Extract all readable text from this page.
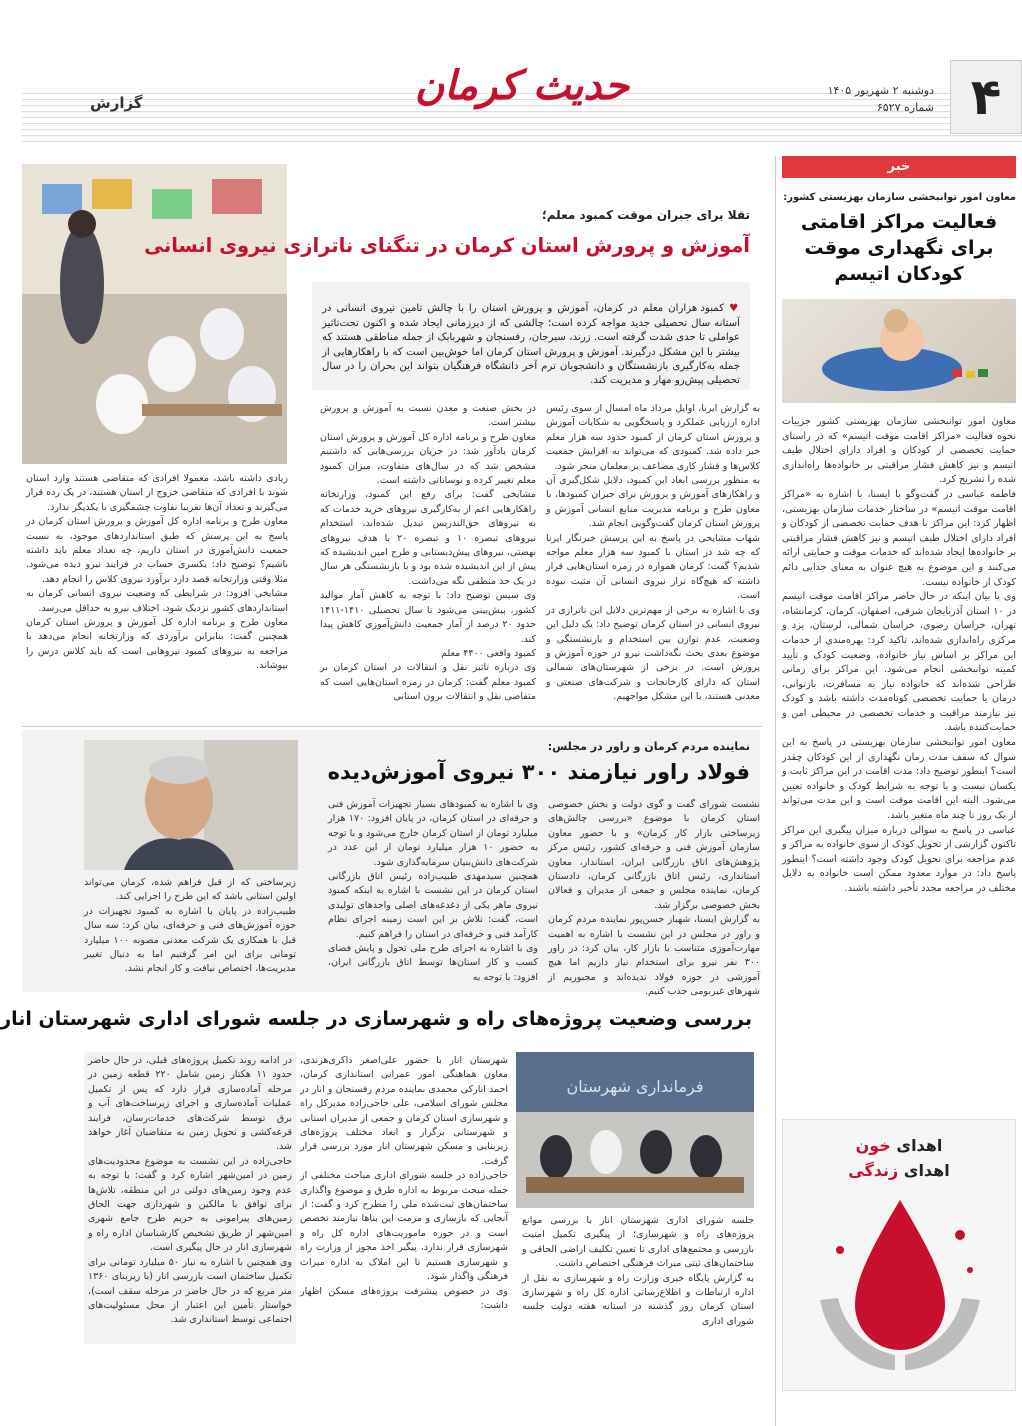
۴
حدیث کرمان	دوشنبه ۲ شهریور ۱۴۰۵
شماره ۶۵۲۷
گزارش
خبر
معاون امور توانبخشی سازمان بهزیستی کشور:
فعالیت مراکز اقامتی برای نگهداری موقت کودکان اتیسم
معاون امور توانبخشی سازمان بهزیستی کشور جزییات نحوه فعالیت «مراکز اقامت موقت اتیسم» که در راستای حمایت تخصصی از کودکان و افراد دارای اختلال طیف اتیسم و نیز کاهش فشار مراقبتی بر خانواده‌ها راه‌اندازی شده را تشریح کرد.
فاطمه عباسی در گفت‌وگو با ایسنا، با اشاره به «مراکز اقامت موقت اتیسم» در ساختار خدمات سازمان بهزیستی، اظهار کرد: این مراکز با هدف حمایت تخصصی از کودکان و افراد دارای اختلال طیف اتیسم و نیز کاهش فشار مراقبتی بر خانواده‌ها ایجاد شده‌اند که خدمات موقت و حمایتی ارائه می‌کنند و این موضوع به هیچ عنوان به معنای جدایی دائم کودک از خانواده نیست.
وی با بیان اینکه در حال حاضر مراکز اقامت موقت اتیسم در ۱۰ استان آذربایجان شرقی، اصفهان، کرمان، کرمانشاه، تهران، خراسان رضوی، خراسان شمالی، لرستان، یزد و مرکزی راه‌اندازی شده‌اند، تاکید کرد: بهره‌مندی از خدمات این مراکز بر اساس نیاز خانواده، وضعیت کودک و تأیید کمیته توانبخشی انجام می‌شود. این مراکز برای زمانی طراحی شده‌اند که خانواده نیاز به مسافرت، بازتوانی، درمان یا حمایت تخصصی کوتاه‌مدت داشته باشد و کودک نیز نیازمند مراقبت و خدمات تخصصی در محیطی امن و حمایت‌کننده باشد.
معاون امور توانبخشی سازمان بهزیستی در پاسخ به این سوال که سقف مدت زمان نگهداری از این کودکان چقدر است؟ اینطور توضیح داد: مدت اقامت در این مراکز ثابت و یکسان نیست و با توجه به شرایط کودک و خانواده تعیین می‌شود. البته این اقامت موقت است و این مدت می‌تواند از یک روز تا چند ماه متغیر باشد.
عباسی در پاسخ به سوالی درباره میزان پیگیری این مراکز تاکنون گزارشی از تحویل کودک از سوی خانواده به مراکز و عدم مراجعه برای تحویل کودک وجود داشته است؟ اینطور پاسخ داد: در موارد معدود ممکن است خانواده به دلایل مختلف در مراجعه مجدد تأخیر داشته باشند.
اهدای خون
اهدای زندگی
تقلا برای جبران موقت کمبود معلم؛
آموزش و پرورش استان کرمان در تنگنای ناترازی نیروی انسانی

♥ کمبود هزاران معلم در کرمان، آموزش و پرورش استان را با چالش تامین نیروی انسانی در آستانه سال تحصیلی جدید مواجه کرده است؛ چالشی که از دیرزمانی ایجاد شده و اکنون تحت‌تاثیر عواملی تا حدی شدت گرفته است. زرند، سیرجان، رفسنجان و شهربابک از جمله مناطقی هستند که بیشتر با این مشکل درگیرند. آموزش و پرورش استان کرمان اما خوش‌بین است که با راهکارهایی از جمله به‌کارگیری بازنشستگان و دانشجویان ترم آخر دانشگاه فرهنگیان بتواند این بحران را در سال تحصیلی پیش‌رو مهار و مدیریت کند.

به گزارش ایرنا، اوایل مرداد ماه امسال از سوی رئیس اداره ارزیابی عملکرد و پاسخگویی به شکایات آموزش و پرورش استان کرمان از کمبود حدود سه هزار معلم خبر داده شد. کمبودی که می‌تواند به افزایش جمعیت کلاس‌ها و فشار کاری مضاعف بر معلمان منجر شود.
به منظور بررسی ابعاد این کمبود، دلایل شکل‌گیری آن و راهکارهای آموزش و پرورش برای جبران کمبودها، با معاون طرح و برنامه مدیریت منابع انسانی آموزش و پرورش استان کرمان گفت‌وگویی انجام شد.
شهاب مشایخی در پاسخ به این پرسش خبرنگار ایرنا که چه شد در استان با کمبود سه هزار معلم مواجه شدیم؟ گفت: کرمان همواره در زمره استان‌هایی قرار داشته که هیچ‌گاه تراز نیروی انسانی آن مثبت نبوده است.
وی با اشاره به برخی از مهم‌ترین دلایل این ناترازی در نیروی انسانی در استان کرمان توضیح داد: یک دلیل این وضعیت، عدم توازن بین استخدام و بازنشستگی و موضوع بعدی بحث نگه‌داشت نیرو در حوزه آموزش و پرورش است. در برخی از شهرستان‌های شمالی استان که دارای کارخانجات و شرکت‌های صنعتی و معدنی هستند، با این مشکل مواجهیم.
در بخش صنعت و معدن نسبت به آموزش و پرورش بیشتر است.
معاون طرح و برنامه اداره کل آموزش و پرورش استان کرمان یادآور شد: در جریان بررسی‌هایی که داشتیم مشخص شد که در سال‌های متفاوت، میزان کمبود معلم تغییر کرده و نوساناتی داشته است.
مشایخی گفت: برای رفع این کمبود، وزارتخانه راهکارهایی اعم از به‌کارگیری نیروهای خرید خدمات که به نیروهای حق‌التدریس تبدیل شده‌اند، استخدام نیروهای تبصره ۱۰ و تبصره ۲۰ با هدف نیروهای نهضتی، نیروهای پیش‌دبستانی و طرح امین اندیشیده که پیش از این اندیشیده شده بود و با بازنشستگی هر سال در یک حد منطقی نگه می‌داشت.
وی سپس توضیح داد: با توجه به کاهش آمار موالید کشور، پیش‌بینی می‌شود تا سال تحصیلی ۱۴۱۰-۱۴۱۱ حدود ۲۰ درصد از آمار جمعیت دانش‌آموزی کاهش پیدا کند.
کمبود واقعی ۴۴۰۰ معلم
وی درباره تاثیر نقل و انتقالات در استان کرمان بر کمبود معلم گفت: کرمان در زمره استان‌هایی است که متقاضی نقل و انتقالات برون استانی
زیادی داشته باشد، معمولا افرادی که متقاضی هستند وارد استان شوند با افرادی که متقاضی خروج از استان هستند، در یک رده قرار می‌گیرند و تعداد آن‌ها تقریبا تفاوت چشمگیری با یکدیگر ندارد.
معاون طرح و برنامه اداره کل آموزش و پرورش استان کرمان در پاسخ به این پرسش که طبق استانداردهای موجود، به نسبت جمعیت دانش‌آموزی در استان داریم، چه تعداد معلم باید داشته باشیم؟ توضیح داد: یکسری حساب در فرایند نیرو دیده می‌شود. مثلا وقتی وزارتخانه قصد دارد برآورد نیروی کلاس را انجام دهد.
مشایخی افزود: در شرایطی که وضعیت نیروی انسانی کرمان به استانداردهای کشور نزدیک شود، اختلاف نیرو به حداقل می‌رسد.
معاون طرح و برنامه اداره کل آموزش و پرورش استان کرمان همچنین گفت: بنابراین برآوردی که وزارتخانه انجام می‌دهد با مراجعه به نیروهای کمبود نیروهایی است که باید کلاس درس را بپوشاند.
نماینده مردم کرمان و راور در مجلس:
فولاد راور نیازمند ۳۰۰ نیروی آموزش‌دیده
نشست شورای گفت و گوی دولت و بخش خصوصی استان کرمان با موضوع «بررسی چالش‌های زیرساختی بازار کار کرمان» و با حضور معاون سازمان آموزش فنی و حرفه‌ای کشور، رئیس مرکز پژوهش‌های اتاق بازرگانی ایران، استاندار، معاون استانداری، رئیس اتاق بازرگانی کرمان، دادستان کرمان، نماینده مجلس و جمعی از مدیران و فعالان بخش خصوصی برگزار شد.
به گزارش ایسنا، شهباز حسن‌پور نماینده مردم کرمان و راور در مجلس در این نشست با اشاره به اهمیت مهارت‌آموزی متناسب با بازار کار، بیان کرد: در راور ۳۰۰ نفر نیرو برای استخدام نیاز داریم اما هیچ آموزشی در حوزه فولاد ندیده‌اند و مجبوریم از شهرهای غیربومی جذب کنیم.
وی با اشاره به کمبودهای بسیار تجهیزات آموزش فنی و حرفه‌ای در استان کرمان، در پایان افزود: ۱۷۰ هزار میلیارد تومان از استان کرمان خارج می‌شود و با توجه به حضور ۱۰ هزار میلیارد تومان از این عدد در شرکت‌های دانش‌بنیان سرمایه‌گذاری شود.
همچنین سیدمهدی طبیب‌زاده رئیس اتاق بازرگانی استان کرمان در این نشست با اشاره به اینکه کمبود نیروی ماهر یکی از دغدغه‌های اصلی واحدهای تولیدی است، گفت: تلاش بر این است زمینه اجرای نظام کارآمد فنی و حرفه‌ای در استان را فراهم کنیم.
وی با اشاره به اجرای طرح ملی تحول و پایش فضای کسب و کار استان‌ها توسط اتاق بازرگانی ایران، افزود: با توجه به
زیرساختی که از قبل فراهم شده، کرمان می‌تواند اولین استانی باشد که این طرح را اجرایی کند.
طبیب‌زاده در پایان با اشاره به کمبود تجهیزات در حوزه آموزش‌های فنی و حرفه‌ای، بیان کرد: سه سال قبل با همکاری یک شرکت معدنی مصوبه ۱۰۰ میلیارد تومانی برای این امر گرفتیم اما به دنبال تغییر مدیریت‌ها، اختصاص نیافت و کار انجام نشد.
بررسی وضعیت پروژه‌های راه و شهرسازی در جلسه شورای اداری شهرستان انار
فرمانداری شهرستان
جلسه شورای اداری شهرستان انار با بررسی موانع پروژه‌های راه و شهرسازی؛ از پیگیری تکمیل امنیت بازرسی و مجتمع‌های اداری تا تعیین تکلیف اراضی الحاقی و ساختمان‌های ثبتی میراث فرهنگی اختصاص داشت.
به گزارش پایگاه خبری وزارت راه و شهرسازی به نقل از اداره ارتباطات و اطلاع‌رسانی اداره کل راه و شهرسازی استان کرمان روز گذشته در استانه هفته دولت جلسه شورای اداری
شهرستان انار با حضور علی‌اصغر ذاکری‌هرندی، معاون هماهنگی امور عمرانی استانداری کرمان، احمد انارکی محمدی نماینده مردم رفسنجان و انار در مجلس شورای اسلامی، علی حاجی‌زاده مدیرکل راه و شهرسازی استان کرمان و جمعی از مدیران استانی و شهرستانی برگزار و ابعاد مختلف پروژه‌های زیربنایی و مسکن شهرستان انار مورد بررسی قرار گرفت.
حاجی‌زاده در جلسه شورای اداری مباحث مختلفی از جمله مبحث مربوط به اداره طرق و موضوع واگذاری ساختمان‌های ثبت‌شده ملی را مطرح کرد و گفت: از آنجایی که بازسازی و مرمت این بناها نیازمند تخصص است و در حوزه ماموریت‌های اداره کل راه و شهرسازی قرار ندارد، پیگیر اخذ مجوز از وزارت راه و شهرسازی هستیم تا این املاک به اداره میراث فرهنگی واگذار شود.
وی در خصوص پیشرفت پروژه‌های مسکن اظهار داشت:
در ادامه روند تکمیل پروژه‌های قبلی، در حال حاضر حدود ۱۱ هکتار زمین شامل ۲۲۰ قطعه زمین در مرحله آماده‌سازی قرار دارد که پس از تکمیل عملیات آماده‌سازی و اجرای زیرساخت‌های آب و برق توسط شرکت‌های خدمات‌رسان، فرایند قرعه‌کشی و تحویل زمین به متقاضیان آغاز خواهد شد.
حاجی‌زاده در این نشست به موضوع محدودیت‌های زمین در امین‌شهر اشاره کرد و گفت: با توجه به عدم وجود زمین‌های دولتی در این منطقه، تلاش‌ها برای توافق با مالکین و شهرداری جهت الحاق زمین‌های پیرامونی به حریم طرح جامع شهری امین‌شهر از طریق تشخیص کارشناسان اداره راه و شهرسازی انار در حال پیگیری است.
وی همچنین با اشاره به نیاز ۵۰ میلیارد تومانی برای تکمیل ساختمان است بازرسی انار (با زیربنای ۱۳۶۰ متر مربع که در حال حاضر در مرحله سقف است)، خواستار تأمین این اعتبار از محل مسئولیت‌های اجتماعی توسط استانداری شد.
